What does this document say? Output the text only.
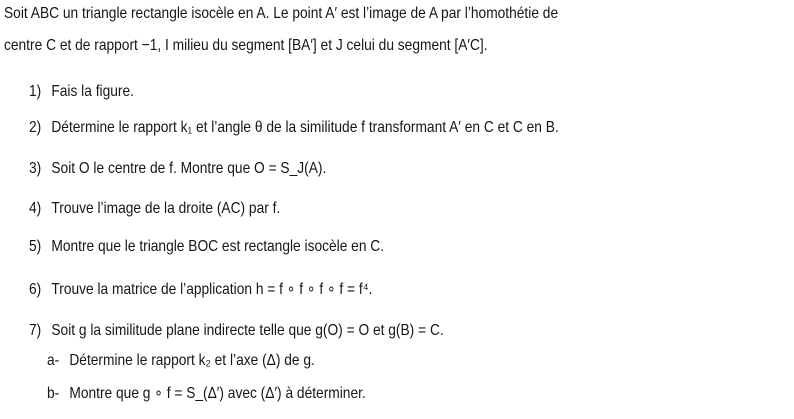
Soit ABC un triangle rectangle isocèle en A. Le point A′ est l’image de A par l’homothétie de
centre C et de rapport −1, I milieu du segment [BA′] et J celui du segment [A′C].
1) Fais la figure.
2) Détermine le rapport k₁ et l’angle θ de la similitude f transformant A′ en C et C en B.
3) Soit O le centre de f. Montre que O = S_J(A).
4) Trouve l’image de la droite (AC) par f.
5) Montre que le triangle BOC est rectangle isocèle en C.
6) Trouve la matrice de l’application h = f ∘ f ∘ f ∘ f = f⁴.
7) Soit g la similitude plane indirecte telle que g(O) = O et g(B) = C.
a- Détermine le rapport k₂ et l’axe (Δ) de g.
b- Montre que g ∘ f = S_(Δ′) avec (Δ′) à déterminer.
